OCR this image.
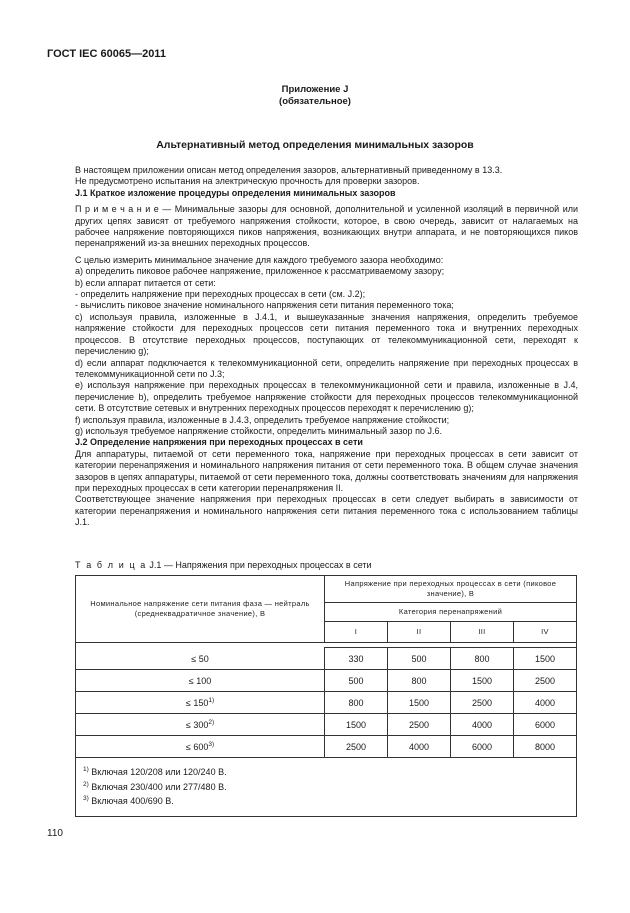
ГОСТ IEC 60065—2011
Приложение J
(обязательное)
Альтернативный метод определения минимальных зазоров

В настоящем приложении описан метод определения зазоров, альтернативный приведенному в 13.3.

Не предусмотрено испытания на электрическую прочность для проверки зазоров.

J.1 Краткое изложение процедуры определения минимальных зазоров

П р и м е ч а н и е — Минимальные зазоры для основной, дополнительной и усиленной изоляций в первичной или других цепях зависят от требуемого напряжения стойкости, которое, в свою очередь, зависит от налагаемых на рабочее напряжение повторяющихся пиков напряжения, возникающих внутри аппарата, и не повторяющихся пиков перенапряжений из-за внешних переходных процессов.

С целью измерить минимальное значение для каждого требуемого зазора необходимо:

a) определить пиковое рабочее напряжение, приложенное к рассматриваемому зазору;

b) если аппарат питается от сети:

- определить напряжение при переходных процессах в сети (см. J.2);

- вычислить пиковое значение номинального напряжения сети питания переменного тока;

c) используя правила, изложенные в J.4.1, и вышеуказанные значения напряжения, определить требуемое напряжение стойкости для переходных процессов сети питания переменного тока и внутренних переходных процессов. В отсутствие переходных процессов, поступающих от телекоммуникационной сети, переходят к перечислению g);

d) если аппарат подключается к телекоммуникационной сети, определить напряжение при переходных процессах в телекоммуникационной сети по J.3;

e) используя напряжение при переходных процессах в телекоммуникационной сети и правила, изложенные в J.4, перечисление b), определить требуемое напряжение стойкости для переходных процессов телекоммуникационной сети. В отсутствие сетевых и внутренних переходных процессов переходят к перечислению g);

f) используя правила, изложенные в J.4.3, определить требуемое напряжение стойкости;

g) используя требуемое напряжение стойкости, определить минимальный зазор по J.6.

J.2 Определение напряжения при переходных процессах в сети

Для аппаратуры, питаемой от сети переменного тока, напряжение при переходных процессах в сети зависит от категории перенапряжения и номинального напряжения питания от сети переменного тока. В общем случае значения зазоров в цепях аппаратуры, питаемой от сети переменного тока, должны соответствовать значениям для напряжения при переходных процессах в сети категории перенапряжения II.

Соответствующее значение напряжения при переходных процессах в сети следует выбирать в зависимости от категории перенапряжения и номинального напряжения сети питания переменного тока с использованием таблицы J.1.

Т а б л и ц а J.1 — Напряжения при переходных процессах в сети
Номинальное напряжение сети питания фаза — нейтраль (среднеквадратичное значение), В	Напряжение при переходных процессах в сети (пиковое значение), В			
	Категория перенапряжений			
	I	II	III	IV

≤ 50	330	500	800	1500
≤ 100	500	800	1500	2500
≤ $150^{1)}$	800	1500	2500	4000
≤ $300^{2)}$	1500	2500	4000	6000
≤ $600^{3)}$	2500	4000	6000	8000

$^{1)}$ Включая 120/208 или 120/240 В.
$^{2)}$ Включая 230/400 или 277/480 В.
$^{3)}$ Включая 400/690 В.				
110
